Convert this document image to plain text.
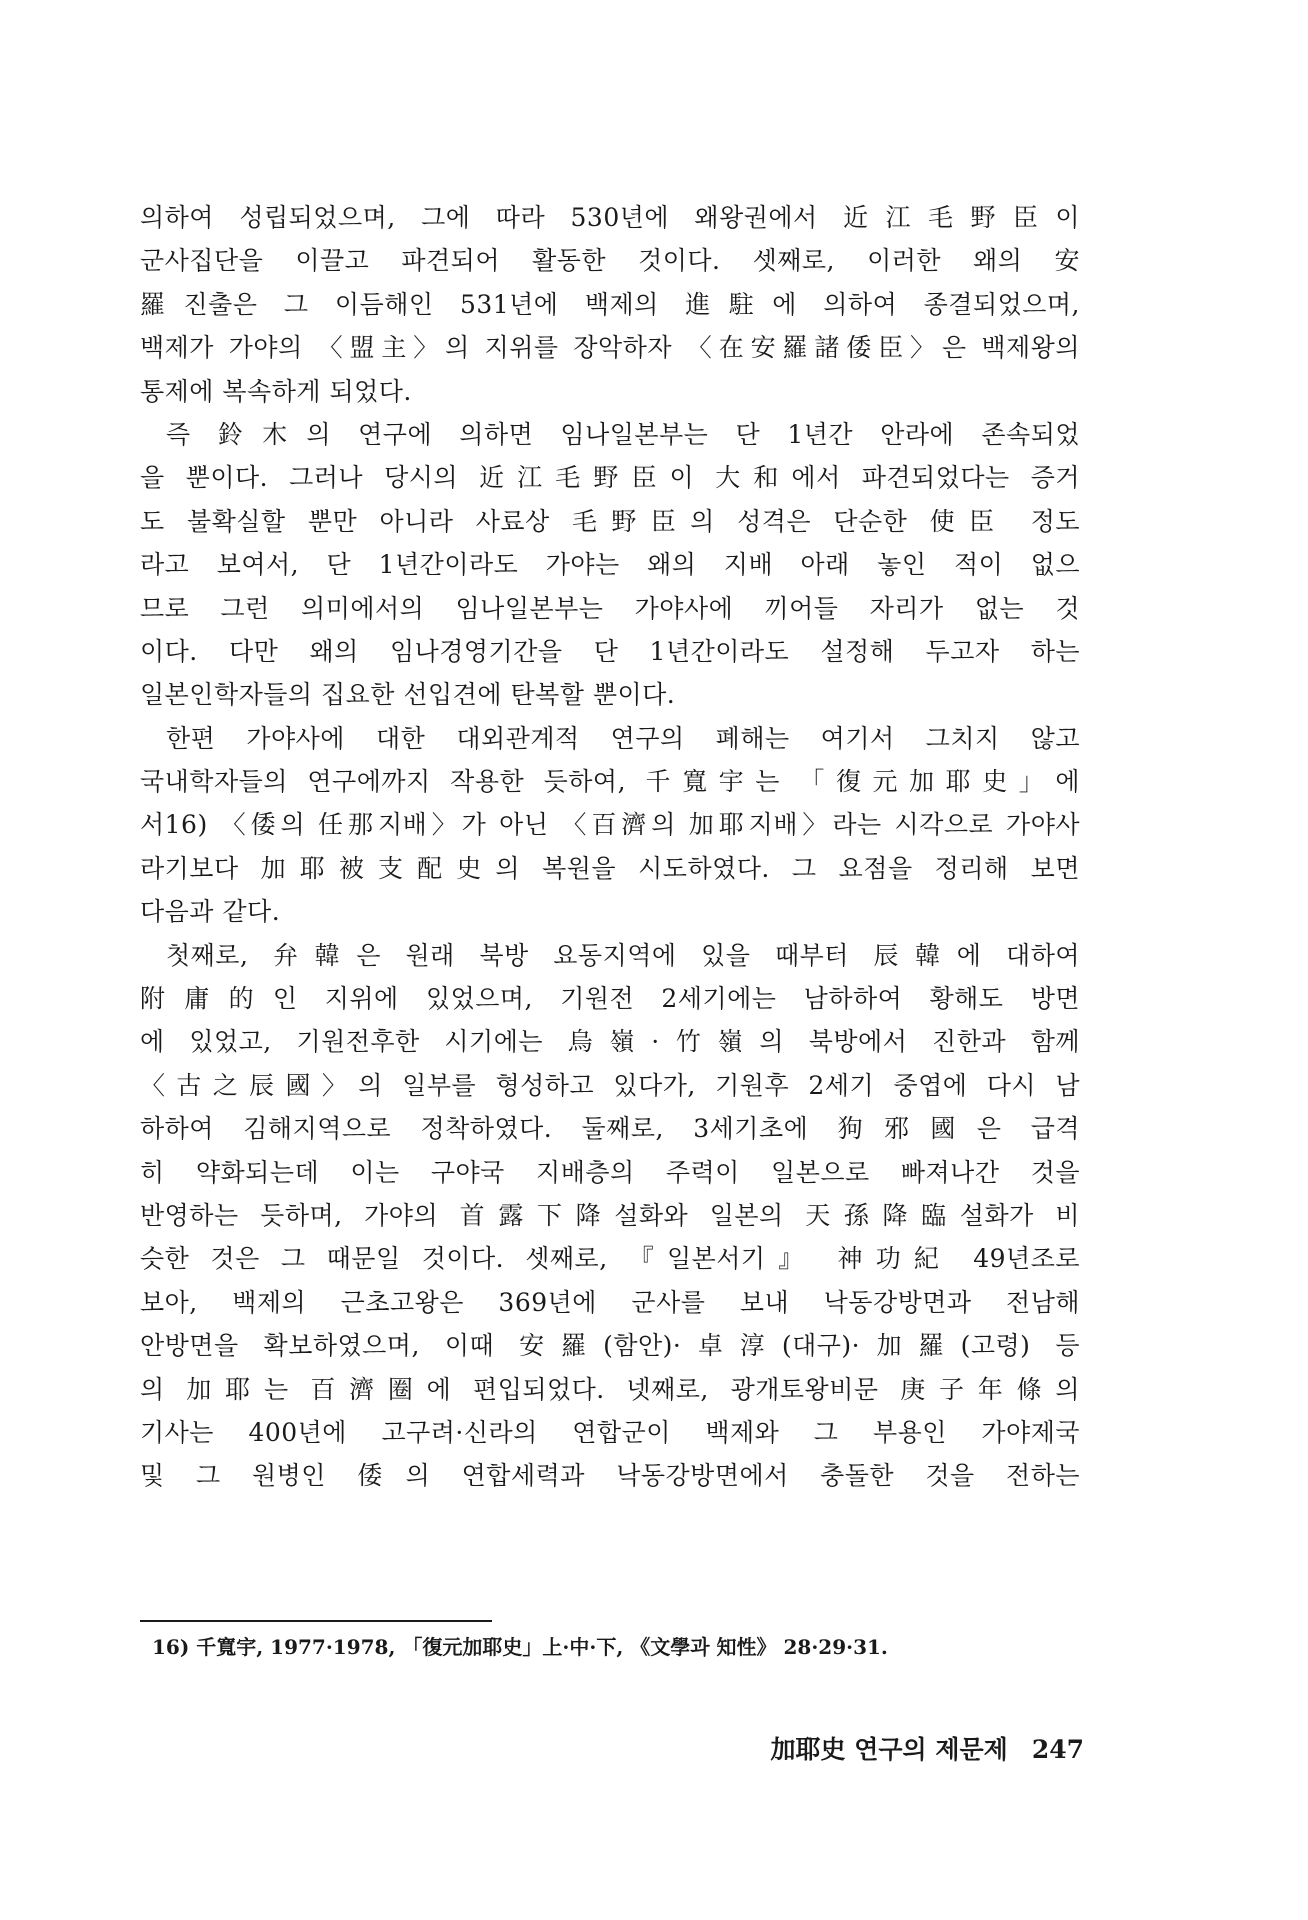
의하여 성립되었으며, 그에 따라 530년에 왜왕권에서 近江毛野臣이
군사집단을 이끌고 파견되어 활동한 것이다. 셋째로, 이러한 왜의 安
羅진출은 그 이듬해인 531년에 백제의 進駐에 의하여 종결되었으며,
백제가 가야의 〈盟主〉의 지위를 장악하자 〈在安羅諸倭臣〉은 백제왕의
통제에 복속하게 되었다.
즉 鈴木의 연구에 의하면 임나일본부는 단 1년간 안라에 존속되었
을 뿐이다. 그러나 당시의 近江毛野臣이 大和에서 파견되었다는 증거
도 불확실할 뿐만 아니라 사료상 毛野臣의 성격은 단순한 使臣 정도
라고 보여서, 단 1년간이라도 가야는 왜의 지배 아래 놓인 적이 없으
므로 그런 의미에서의 임나일본부는 가야사에 끼어들 자리가 없는 것
이다. 다만 왜의 임나경영기간을 단 1년간이라도 설정해 두고자 하는
일본인학자들의 집요한 선입견에 탄복할 뿐이다.
한편 가야사에 대한 대외관계적 연구의 폐해는 여기서 그치지 않고
국내학자들의 연구에까지 작용한 듯하여, 千寬宇는 「復元加耶史」에
서16) 〈倭의 任那지배〉가 아닌 〈百濟의 加耶지배〉라는 시각으로 가야사
라기보다 加耶被支配史의 복원을 시도하였다. 그 요점을 정리해 보면
다음과 같다.
첫째로, 弁韓은 원래 북방 요동지역에 있을 때부터 辰韓에 대하여
附庸的인 지위에 있었으며, 기원전 2세기에는 남하하여 황해도 방면
에 있었고, 기원전후한 시기에는 烏嶺·竹嶺의 북방에서 진한과 함께
〈古之辰國〉의 일부를 형성하고 있다가, 기원후 2세기 중엽에 다시 남
하하여 김해지역으로 정착하였다. 둘째로, 3세기초에 狗邪國은 급격
히 약화되는데 이는 구야국 지배층의 주력이 일본으로 빠져나간 것을
반영하는 듯하며, 가야의 首露下降설화와 일본의 天孫降臨설화가 비
슷한 것은 그 때문일 것이다. 셋째로, 『일본서기』 神功紀 49년조로
보아, 백제의 근초고왕은 369년에 군사를 보내 낙동강방면과 전남해
안방면을 확보하였으며, 이때 安羅(함안)·卓淳(대구)·加羅(고령) 등
의 加耶는 百濟圈에 편입되었다. 넷째로, 광개토왕비문 庚子年條의
기사는 400년에 고구려·신라의 연합군이 백제와 그 부용인 가야제국
및 그 원병인 倭의 연합세력과 낙동강방면에서 충돌한 것을 전하는
16) 千寬宇, 1977·1978, 「復元加耶史」上·中·下, 《文學과 知性》 28·29·31.
加耶史 연구의 제문제 247
